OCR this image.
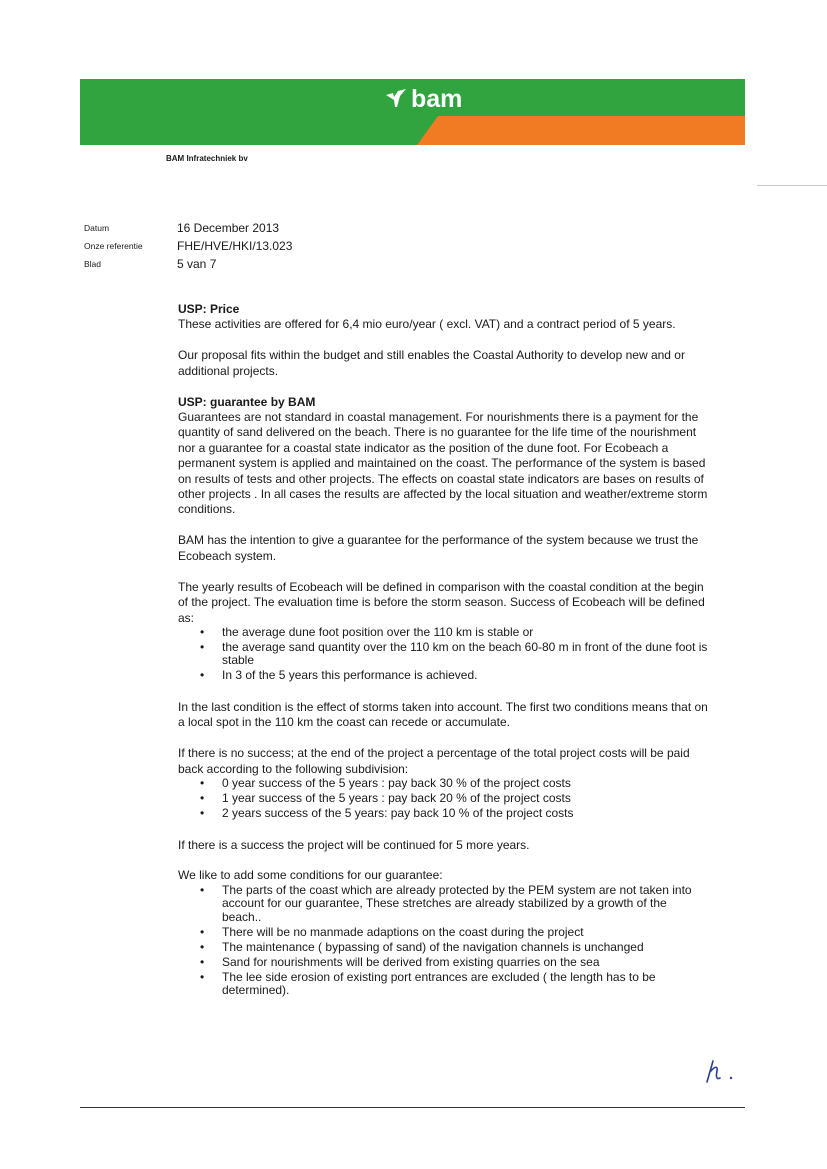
bam
BAM Infratechniek bv
Datum	16 December 2013
Onze referentie	FHE/HVE/HKI/13.023
Blad	5 van 7
USP: Price

These activities are offered for 6,4 mio euro/year ( excl. VAT) and a contract period of 5 years.

Our proposal fits within the budget and still enables the Coastal Authority to develop new and or additional projects.

USP: guarantee by BAM

Guarantees are not standard in coastal management. For nourishments there is a payment for the quantity of sand delivered on the beach. There is no guarantee for the life time of the nourishment nor a guarantee for a coastal state indicator as the position of the dune foot. For Ecobeach a permanent system is applied and maintained on the coast. The performance of the system is based on results of tests and other projects. The effects on coastal state indicators are bases on results of other projects . In all cases the results are affected by the local situation and weather/extreme storm conditions.

BAM has the intention to give a guarantee for the performance of the system because we trust the Ecobeach system.

The yearly results of Ecobeach will be defined in comparison with the coastal condition at the begin of the project. The evaluation time is before the storm season. Success of Ecobeach will be defined as:

• the average dune foot position over the 110 km is stable or
• the average sand quantity over the 110 km on the beach 60-80 m in front of the dune foot is stable
• In 3 of the 5 years this performance is achieved.

In the last condition is the effect of storms taken into account. The first two conditions means that on a local spot in the 110 km the coast can recede or accumulate.

If there is no success; at the end of the project a percentage of the total project costs will be paid back according to the following subdivision:

• 0 year success of the 5 years : pay back 30 % of the project costs
• 1 year success of the 5 years : pay back 20 % of the project costs
• 2 years success of the 5 years: pay back 10 % of the project costs

If there is a success the project will be continued for 5 more years.

We like to add some conditions for our guarantee:

• The parts of the coast which are already protected by the PEM system are not taken into account for our guarantee, These stretches are already stabilized by a growth of the beach..
• There will be no manmade adaptions on the coast during the project
• The maintenance ( bypassing of sand) of the navigation channels is unchanged
• Sand for nourishments will be derived from existing quarries on the sea
• The lee side erosion of existing port entrances are excluded ( the length has to be determined).
